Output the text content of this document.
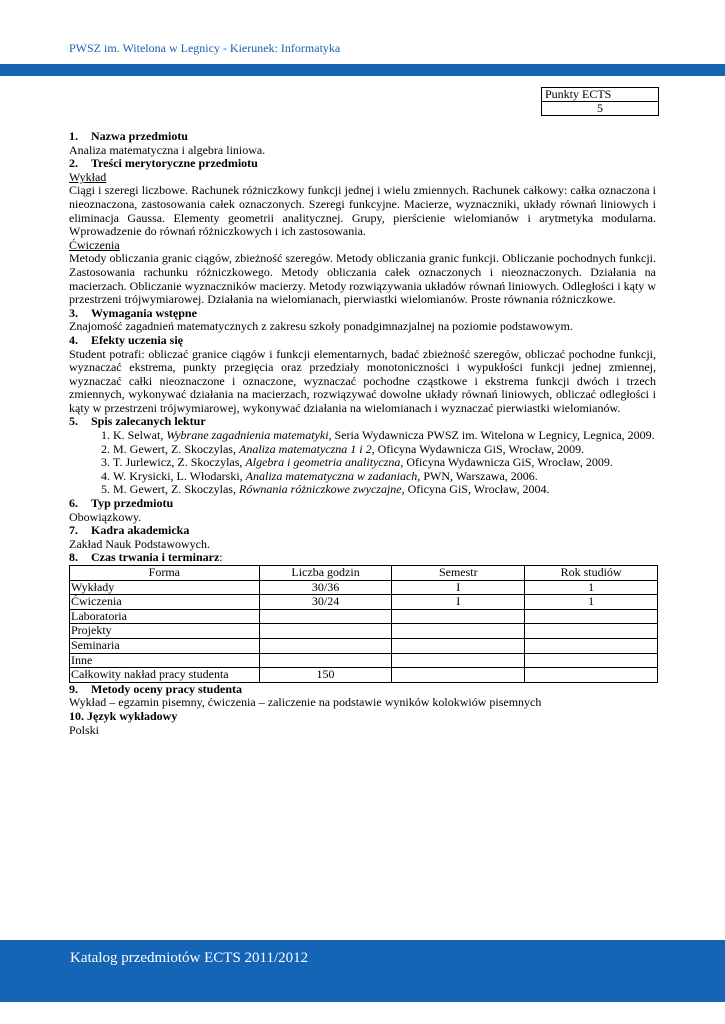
PWSZ im. Witelona w Legnicy - Kierunek: Informatyka
Punkty ECTS
5

1. Nazwa przedmiotu

Analiza matematyczna i algebra liniowa.

2. Treści merytoryczne przedmiotu

Wykład

Ciągi i szeregi liczbowe. Rachunek różniczkowy funkcji jednej i wielu zmiennych. Rachunek całkowy: całka oznaczona i nieoznaczona, zastosowania całek oznaczonych. Szeregi funkcyjne. Macierze, wyznaczniki, układy równań liniowych i eliminacja Gaussa. Elementy geometrii analitycznej. Grupy, pierścienie wielomianów i arytmetyka modularna. Wprowadzenie do równań różniczkowych i ich zastosowania.

Ćwiczenia

Metody obliczania granic ciągów, zbieżność szeregów. Metody obliczania granic funkcji. Obliczanie pochodnych funkcji. Zastosowania rachunku różniczkowego. Metody obliczania całek oznaczonych i nieoznaczonych. Działania na macierzach. Obliczanie wyznaczników macierzy. Metody rozwiązywania układów równań liniowych. Odległości i kąty w przestrzeni trójwymiarowej. Działania na wielomianach, pierwiastki wielomianów. Proste równania różniczkowe.

3. Wymagania wstępne

Znajomość zagadnień matematycznych z zakresu szkoły ponadgimnazjalnej na poziomie podstawowym.

4. Efekty uczenia się

Student potrafi: obliczać granice ciągów i funkcji elementarnych, badać zbieżność szeregów, obliczać pochodne funkcji, wyznaczać ekstrema, punkty przegięcia oraz przedziały monotoniczności i wypukłości funkcji jednej zmiennej, wyznaczać całki nieoznaczone i oznaczone, wyznaczać pochodne cząstkowe i ekstrema funkcji dwóch i trzech zmiennych, wykonywać działania na macierzach, rozwiązywać dowolne układy równań liniowych, obliczać odległości i kąty w przestrzeni trójwymiarowej, wykonywać działania na wielomianach i wyznaczać pierwiastki wielomianów.

5. Spis zalecanych lektur

1. K. Selwat, Wybrane zagadnienia matematyki, Seria Wydawnicza PWSZ im. Witelona w Legnicy, Legnica, 2009.
2. M. Gewert, Z. Skoczylas, Analiza matematyczna 1 i 2, Oficyna Wydawnicza GiS, Wrocław, 2009.
3. T. Jurlewicz, Z. Skoczylas, Algebra i geometria analityczna, Oficyna Wydawnicza GiS, Wrocław, 2009.
4. W. Krysicki, L. Włodarski, Analiza matematyczna w zadaniach, PWN, Warszawa, 2006.
5. M. Gewert, Z. Skoczylas, Równania różniczkowe zwyczajne, Oficyna GiS, Wrocław, 2004.

6. Typ przedmiotu

Obowiązkowy.

7. Kadra akademicka

Zakład Nauk Podstawowych.

8. Czas trwania i terminarz:

Forma	Liczba godzin	Semestr	Rok studiów
Wykłady	30/36	I	1
Ćwiczenia	30/24	I	1
Laboratoria			
Projekty			
Seminaria			
Inne			
Całkowity nakład pracy studenta	150		

9. Metody oceny pracy studenta

Wykład – egzamin pisemny, ćwiczenia – zaliczenie na podstawie wyników kolokwiów pisemnych

10. Język wykładowy

Polski

Katalog przedmiotów ECTS 2011/2012
